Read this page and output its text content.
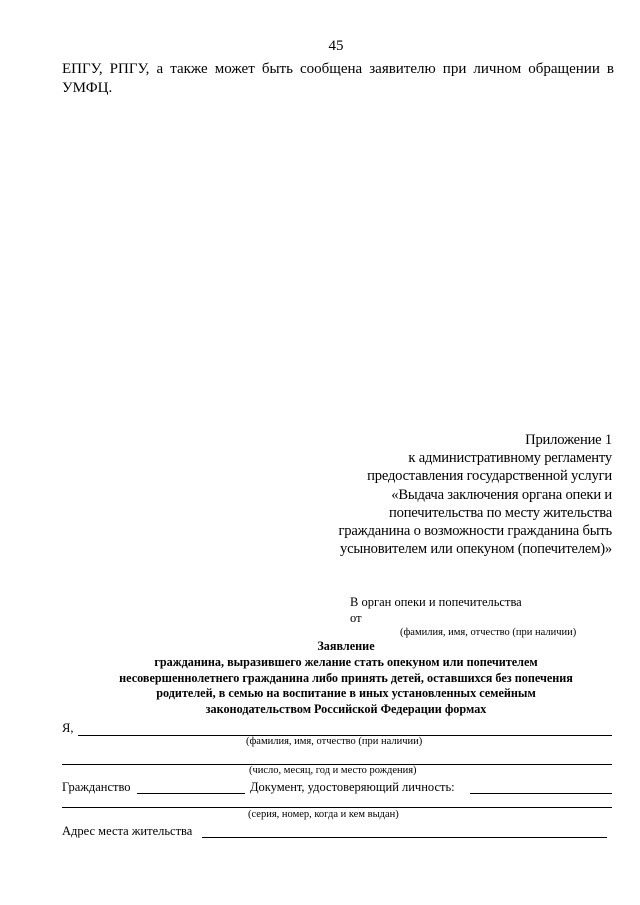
45

ЕПГУ, РПГУ, а также может быть сообщена заявителю при личном обращении в УМФЦ.

Приложение 1
к административному регламенту
предоставления государственной услуги
«Выдача заключения органа опеки и
попечительства по месту жительства
гражданина о возможности гражданина быть
усыновителем или опекуном (попечителем)»
В орган опеки и попечительства
от
(фамилия, имя, отчество (при наличии)
Заявление
гражданина, выразившего желание стать опекуном или попечителем
несовершеннолетнего гражданина либо принять детей, оставшихся без попечения
родителей, в семью на воспитание в иных установленных семейным
законодательством Российской Федерации формах
Я,
(фамилия, имя, отчество (при наличии)
(число, месяц, год и место рождения)
Гражданство	Документ, удостоверяющий личность:
(серия, номер, когда и кем выдан)
Адрес места жительства
